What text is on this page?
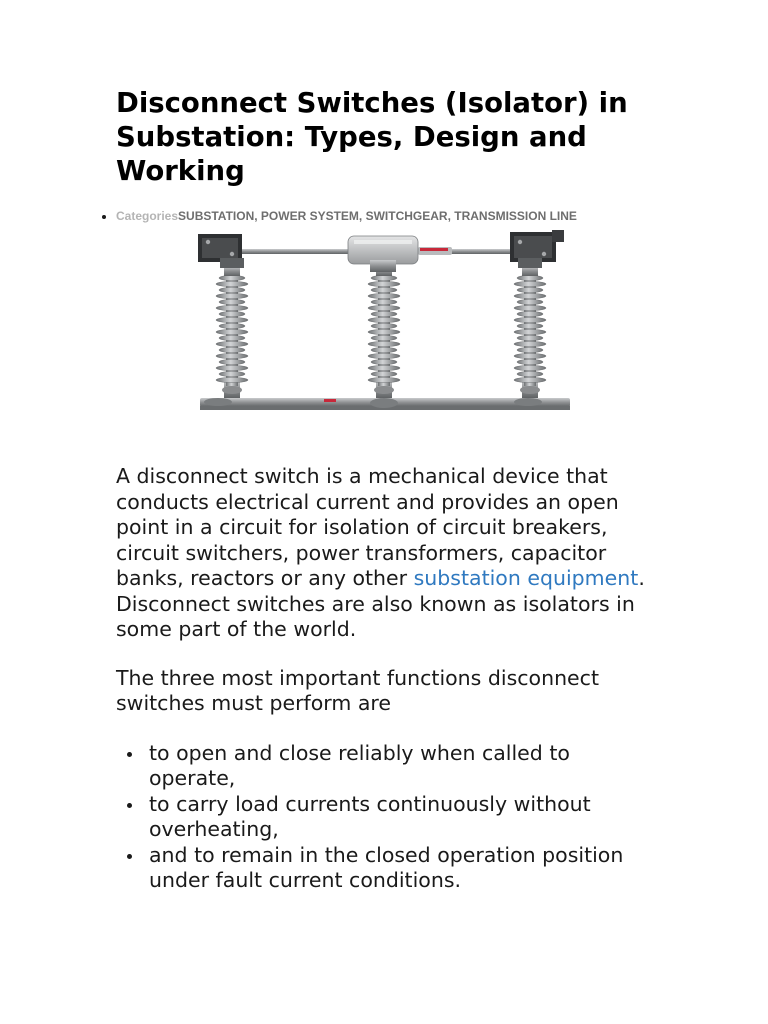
Disconnect Switches (Isolator) in Substation: Types, Design and Working
• CategoriesSUBSTATION, POWER SYSTEM, SWITCHGEAR, TRANSMISSION LINE

A disconnect switch is a mechanical device that conducts electrical current and provides an open point in a circuit for isolation of circuit breakers, circuit switchers, power transformers, capacitor banks, reactors or any other substation equipment. Disconnect switches are also known as isolators in some part of the world.

The three most important functions disconnect switches must perform are

to open and close reliably when called to operate,
to carry load currents continuously without overheating,
and to remain in the closed operation position under fault current conditions.
